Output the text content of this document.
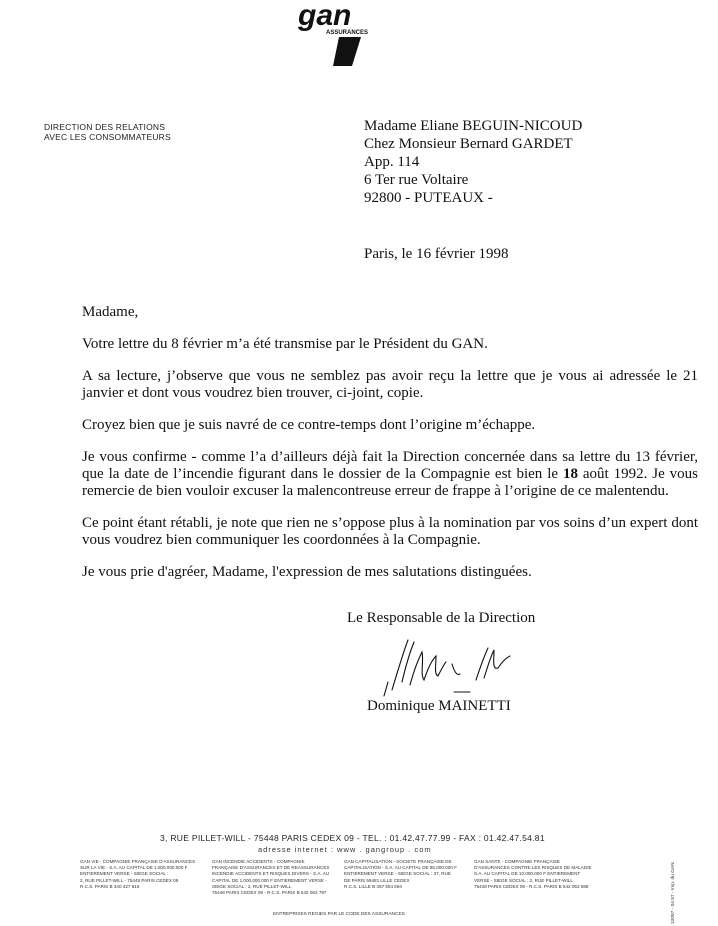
gan
ASSURANCES
DIRECTION DES RELATIONS
AVEC LES CONSOMMATEURS
Madame Eliane BEGUIN-NICOUD
Chez Monsieur Bernard GARDET
App. 114
6 Ter rue Voltaire
92800 - PUTEAUX -
Paris, le 16 février 1998

Madame,

Votre lettre du 8 février m’a été transmise par le Président du GAN.

A sa lecture, j’observe que vous ne semblez pas avoir reçu la lettre que je vous ai adressée le 21 janvier et dont vous voudrez bien trouver, ci-joint, copie.

Croyez bien que je suis navré de ce contre-temps dont l’origine m’échappe.

Je vous confirme - comme l’a d’ailleurs déjà fait la Direction concernée dans sa lettre du 13 février, que la date de l’incendie figurant dans le dossier de la Compagnie est bien le 18 août 1992. Je vous remercie de bien vouloir excuser la malencontreuse erreur de frappe à l’origine de ce malentendu.

Ce point étant rétabli, je note que rien ne s’oppose plus à la nomination par vos soins d’un expert dont vous voudrez bien communiquer les coordonnées à la Compagnie.

Je vous prie d'agréer, Madame, l'expression de mes salutations distinguées.

Le Responsable de la Direction
Dominique MAINETTI
3, RUE PILLET-WILL - 75448 PARIS CEDEX 09 - TEL. : 01.42.47.77.99 - FAX : 01.42.47.54.81
adresse internet : www . gangroup . com
GAN VIE - COMPAGNIE FRANÇAISE D'ASSURANCES
SUR LA VIE - S.A. AU CAPITAL DE 1.000.000.000 F
ENTIEREMENT VERSE - SIEGE SOCIAL :
2, RUE PILLET-WILL - 75448 PARIS CEDEX 09
R.C.S. PARIS B 340 427 616
GAN INCENDIE ACCIDENTS - COMPAGNIE
FRANÇAISE D'ASSURANCES ET DE REASSURANCES
INCENDIE ACCIDENTS ET RISQUES DIVERS - S.A. AU
CAPITAL DE 1.000.000.000 F ENTIEREMENT VERSE -
SIEGE SOCIAL : 2, RUE PILLET-WILL
75448 PARIS CEDEX 09 - R.C.S. PARIS B 542 063 797
GAN CAPITALISATION - SOCIETE FRANÇAISE DE
CAPITALISATION - S.A. AU CAPITAL DE 85.000.000 F
ENTIEREMENT VERSE - SIEGE SOCIAL : 37, RUE
DE PARIS 59481 LILLE CEDEX
R.C.S. LILLE B 457 504 694
GAN SANTE - COMPAGNIE FRANÇAISE
D'ASSURANCES CONTRE LES RISQUES DE MALADIE
S.A. AU CAPITAL DE 10.000.000 F ENTIEREMENT
VERSE - SIEGE SOCIAL : 2, RUE PILLET-WILL
75448 PARIS CEDEX 09 - R.C.S. PARIS B 542 063 888
ENTREPRISES REGIES PAR LE CODE DES ASSURANCES	10097 - 04.97 - Imp. du GAN
